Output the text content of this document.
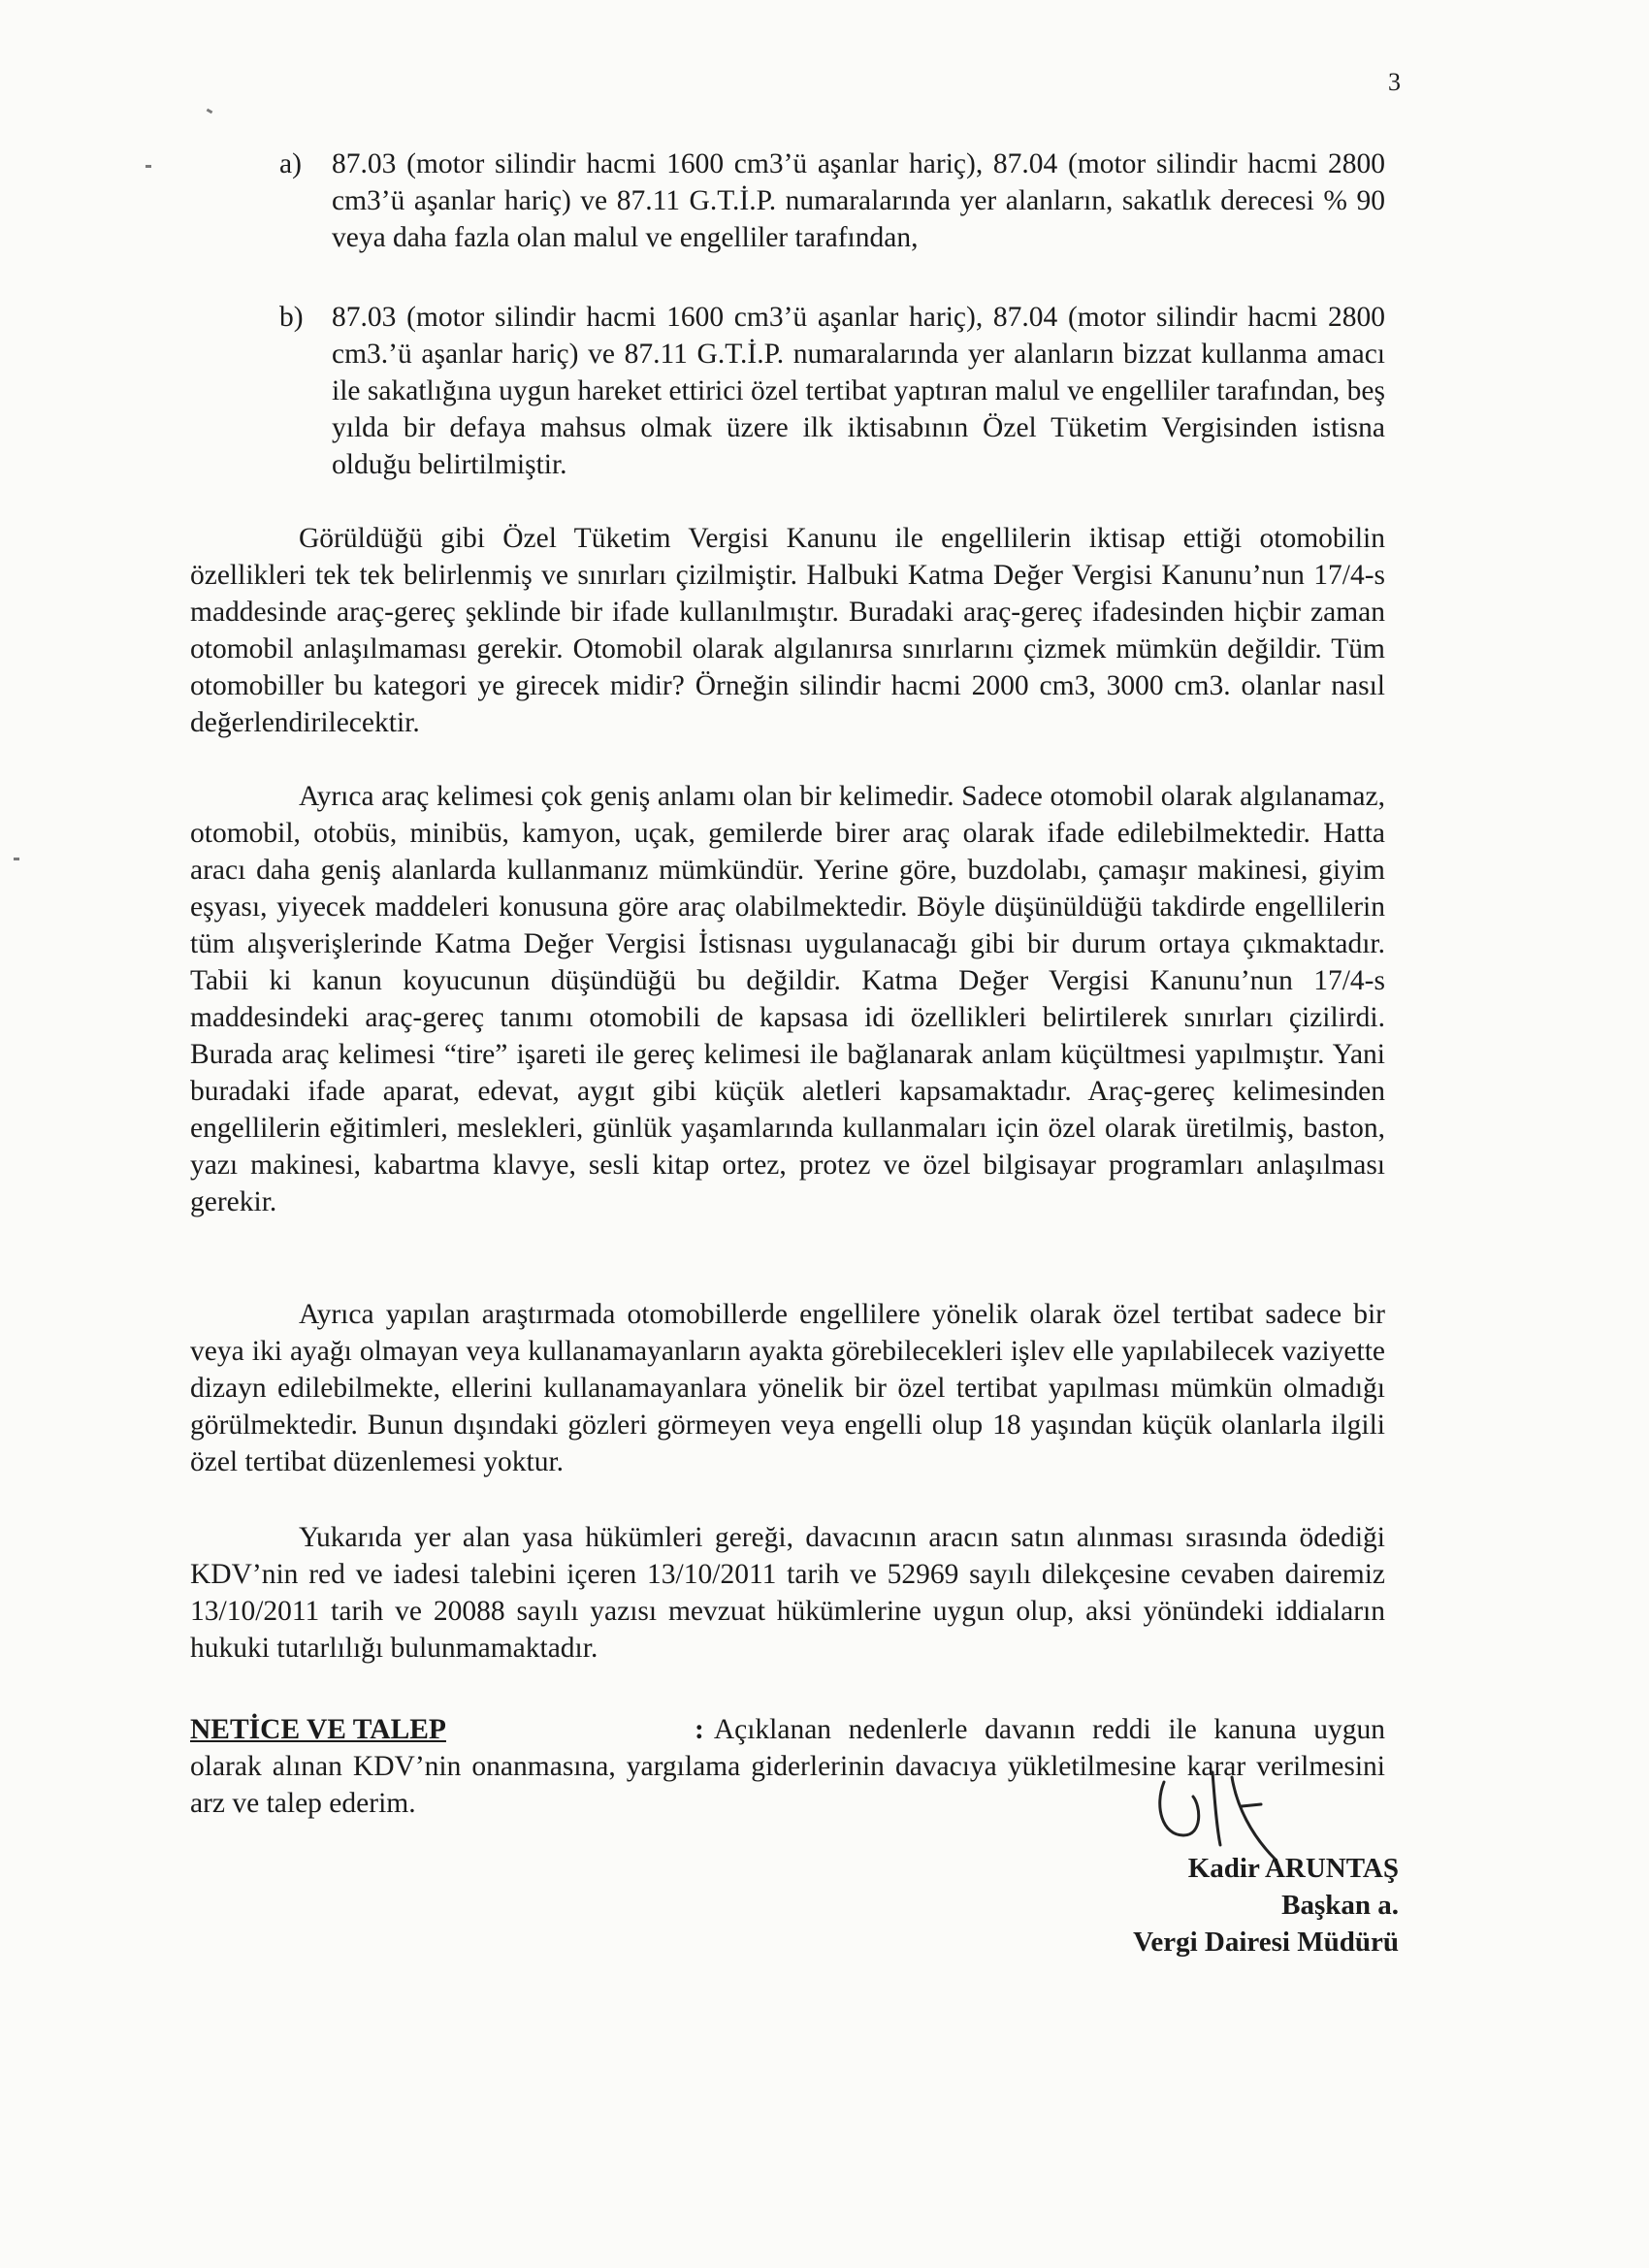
3
a)	87.03 (motor silindir hacmi 1600 cm3’ü aşanlar hariç), 87.04 (motor silindir hacmi 2800 cm3’ü aşanlar hariç) ve 87.11 G.T.İ.P. numaralarında yer alanların, sakatlık derecesi % 90 veya daha fazla olan malul ve engelliler tarafından,
b) 87.03 (motor silindir hacmi 1600 cm3’ü aşanlar hariç), 87.04 (motor silindir hacmi 2800 cm3.’ü aşanlar hariç) ve 87.11 G.T.İ.P. numaralarında yer alanların bizzat kullanma amacı ile sakatlığına uygun hareket ettirici özel tertibat yaptıran malul ve engelliler tarafından, beş yılda bir defaya mahsus olmak üzere ilk iktisabının Özel Tüketim Vergisinden istisna olduğu belirtilmiştir.

Görüldüğü gibi Özel Tüketim Vergisi Kanunu ile engellilerin iktisap ettiği otomobilin özellikleri tek tek belirlenmiş ve sınırları çizilmiştir. Halbuki Katma Değer Vergisi Kanunu’nun 17/4-s maddesinde araç-gereç şeklinde bir ifade kullanılmıştır. Buradaki araç-gereç ifadesinden hiçbir zaman otomobil anlaşılmaması gerekir. Otomobil olarak algılanırsa sınırlarını çizmek mümkün değildir. Tüm otomobiller bu kategori ye girecek midir? Örneğin silindir hacmi 2000 cm3, 3000 cm3. olanlar nasıl değerlendirilecektir.

Ayrıca araç kelimesi çok geniş anlamı olan bir kelimedir. Sadece otomobil olarak algılanamaz, otomobil, otobüs, minibüs, kamyon, uçak, gemilerde birer araç olarak ifade edilebilmektedir. Hatta aracı daha geniş alanlarda kullanmanız mümkündür. Yerine göre, buzdolabı, çamaşır makinesi, giyim eşyası, yiyecek maddeleri konusuna göre araç olabilmektedir. Böyle düşünüldüğü takdirde engellilerin tüm alışverişlerinde Katma Değer Vergisi İstisnası uygulanacağı gibi bir durum ortaya çıkmaktadır. Tabii ki kanun koyucunun düşündüğü bu değildir. Katma Değer Vergisi Kanunu’nun 17/4-s maddesindeki araç-gereç tanımı otomobili de kapsasa idi özellikleri belirtilerek sınırları çizilirdi. Burada araç kelimesi “tire” işareti ile gereç kelimesi ile bağlanarak anlam küçültmesi yapılmıştır. Yani buradaki ifade aparat, edevat, aygıt gibi küçük aletleri kapsamaktadır. Araç-gereç kelimesinden engellilerin eğitimleri, meslekleri, günlük yaşamlarında kullanmaları için özel olarak üretilmiş, baston, yazı makinesi, kabartma klavye, sesli kitap ortez, protez ve özel bilgisayar programları anlaşılması gerekir.

Ayrıca yapılan araştırmada otomobillerde engellilere yönelik olarak özel tertibat sadece bir veya iki ayağı olmayan veya kullanamayanların ayakta görebilecekleri işlev elle yapılabilecek vaziyette dizayn edilebilmekte, ellerini kullanamayanlara yönelik bir özel tertibat yapılması mümkün olmadığı görülmektedir. Bunun dışındaki gözleri görmeyen veya engelli olup 18 yaşından küçük olanlarla ilgili özel tertibat düzenlemesi yoktur.

Yukarıda yer alan yasa hükümleri gereği, davacının aracın satın alınması sırasında ödediği KDV’nin red ve iadesi talebini içeren 13/10/2011 tarih ve 52969 sayılı dilekçesine cevaben dairemiz 13/10/2011 tarih ve 20088 sayılı yazısı mevzuat hükümlerine uygun olup, aksi yönündeki iddiaların hukuki tutarlılığı bulunmamaktadır.

NETİCE VE TALEP	: Açıklanan nedenlerle davanın reddi ile kanuna uygun olarak alınan KDV’nin onanmasına, yargılama giderlerinin davacıya yükletilmesine karar verilmesini arz ve talep ederim.
Kadir ARUNTAŞ
Başkan a.
Vergi Dairesi Müdürü
